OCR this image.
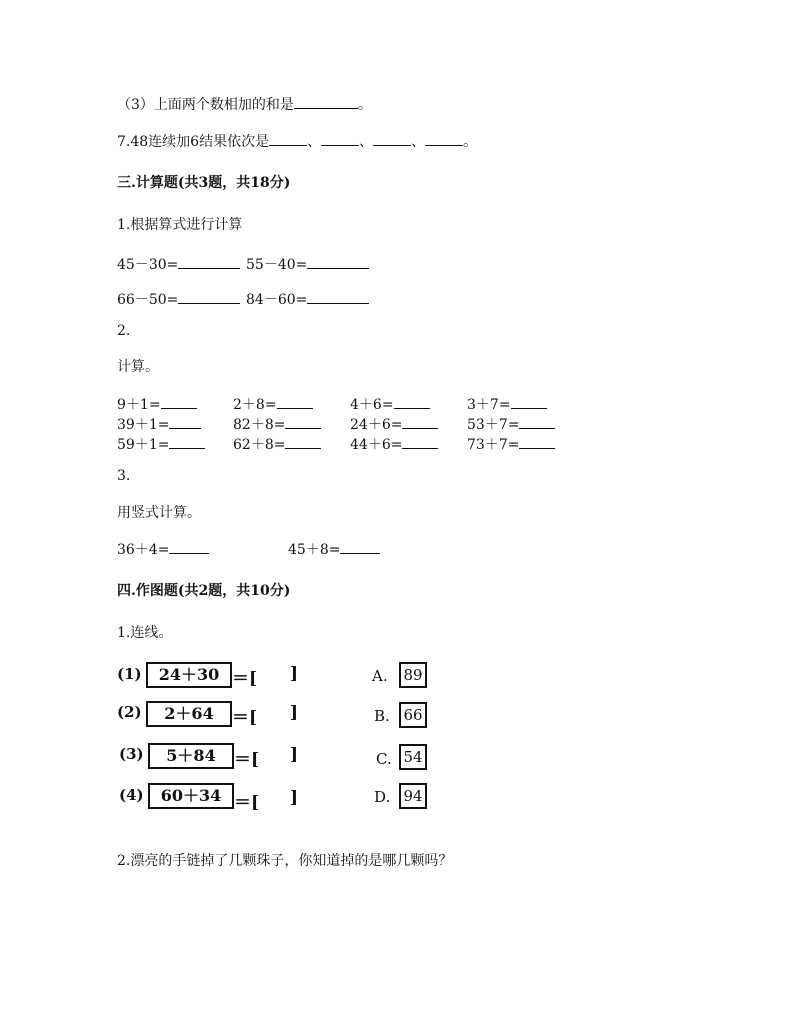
（3）上面两个数相加的和是	。
7.48连续加6结果依次是	、	、	、	。
三.计算题(共3题，共18分)
1.根据算式进行计算
45－30=	55－40=
66－50=	84－60=
2.
计算。
9＋1=	2＋8=	4＋6=	3＋7=
39＋1=	82＋8=	24＋6=	53＋7=
59＋1=	62＋8=	44＋6=	73＋7=
3.
用竖式计算。
36＋4=	45＋8=
四.作图题(共2题，共10分)
1.连线。
(1)	24＋30 ＝[ ]
(2)	2＋64	＝[ ]
(3)	5＋84	＝[ ]
(4)	60＋34 ＝[ ]
A. 89
B. 66
C. 54
D. 94
2.漂亮的手链掉了几颗珠子，你知道掉的是哪几颗吗？
